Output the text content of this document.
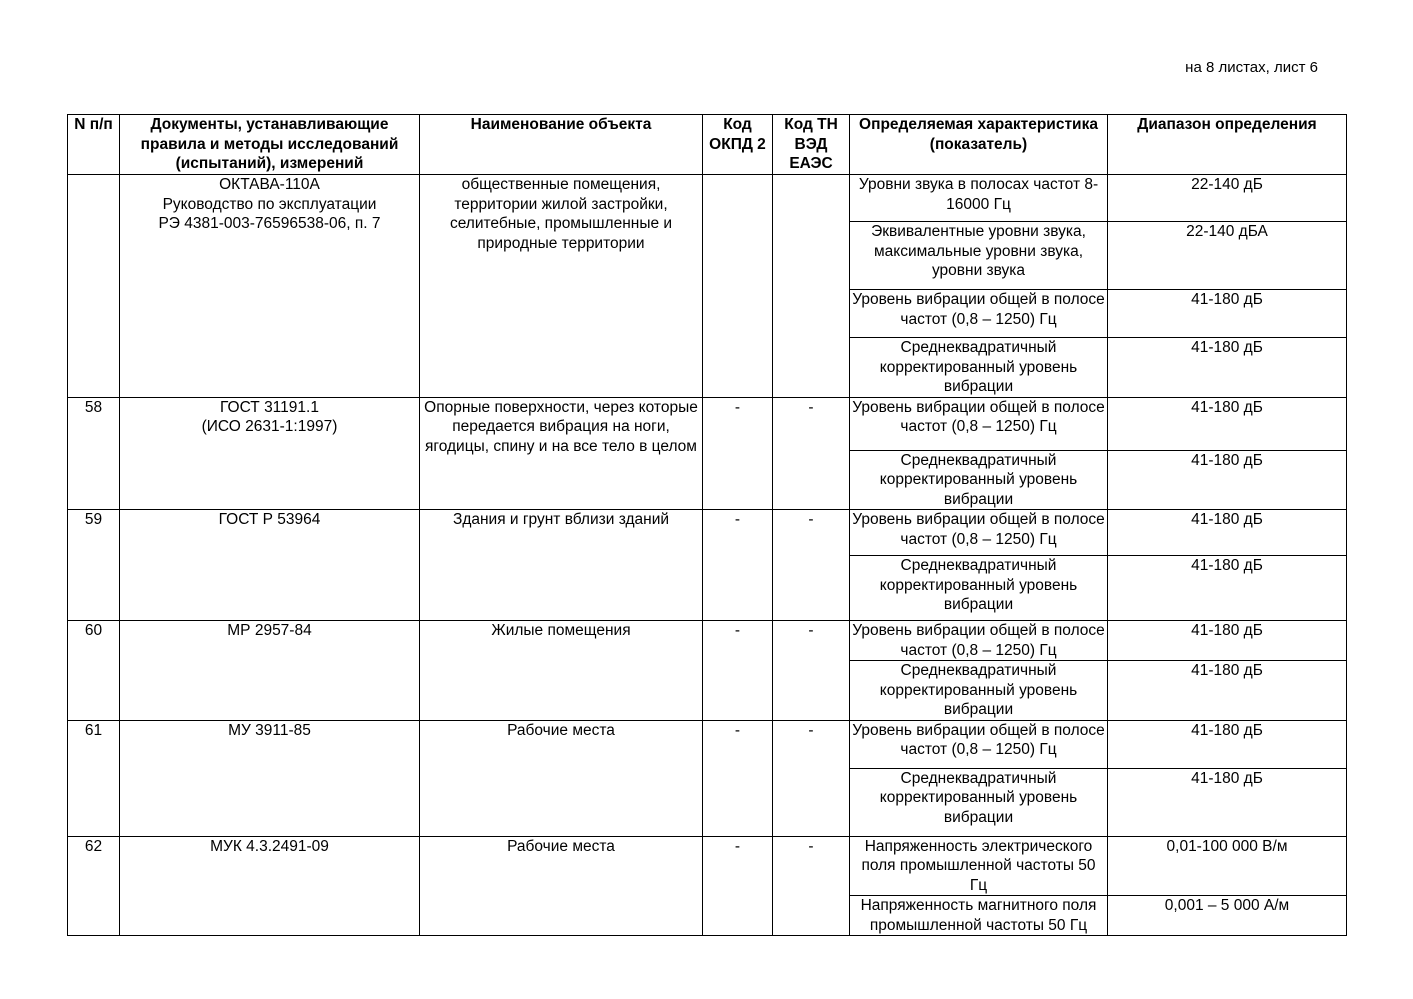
на 8 листах, лист 6
N п/п	Документы, устанавливающие правила и методы исследований (испытаний), измерений	Наименование объекта	Код ОКПД 2	Код ТН ВЭД ЕАЭС	Определяемая характеристика (показатель)	Диапазон определения

	ОКТАВА-110А
Руководство по эксплуатации
РЭ 4381-003-76596538-06, п. 7	общественные помещения, территории жилой застройки, селитебные, промышленные и природные территории			Уровни звука в полосах частот 8-16000 Гц	22-140 дБ
					Эквивалентные уровни звука, максимальные уровни звука, уровни звука	22-140 дБА
					Уровень вибрации общей в полосе частот (0,8 – 1250) Гц	41-180 дБ
					Среднеквадратичный корректированный уровень вибрации	41-180 дБ
58	ГОСТ 31191.1
(ИСО 2631-1:1997)	Опорные поверхности, через которые передается вибрация на ноги, ягодицы, спину и на все тело в целом	-	-	Уровень вибрации общей в полосе частот (0,8 – 1250) Гц	41-180 дБ
					Среднеквадратичный корректированный уровень вибрации	41-180 дБ
59	ГОСТ Р 53964	Здания и грунт вблизи зданий	-	-	Уровень вибрации общей в полосе частот (0,8 – 1250) Гц	41-180 дБ
					Среднеквадратичный корректированный уровень вибрации	41-180 дБ
60	МР 2957-84	Жилые помещения	-	-	Уровень вибрации общей в полосе частот (0,8 – 1250) Гц	41-180 дБ
					Среднеквадратичный корректированный уровень вибрации	41-180 дБ
61	МУ 3911-85	Рабочие места	-	-	Уровень вибрации общей в полосе частот (0,8 – 1250) Гц	41-180 дБ
					Среднеквадратичный корректированный уровень вибрации	41-180 дБ
62	МУК 4.3.2491-09	Рабочие места	-	-	Напряженность электрического поля промышленной частоты 50 Гц	0,01-100 000 В/м
					Напряженность магнитного поля промышленной частоты 50 Гц	0,001 – 5 000 А/м
